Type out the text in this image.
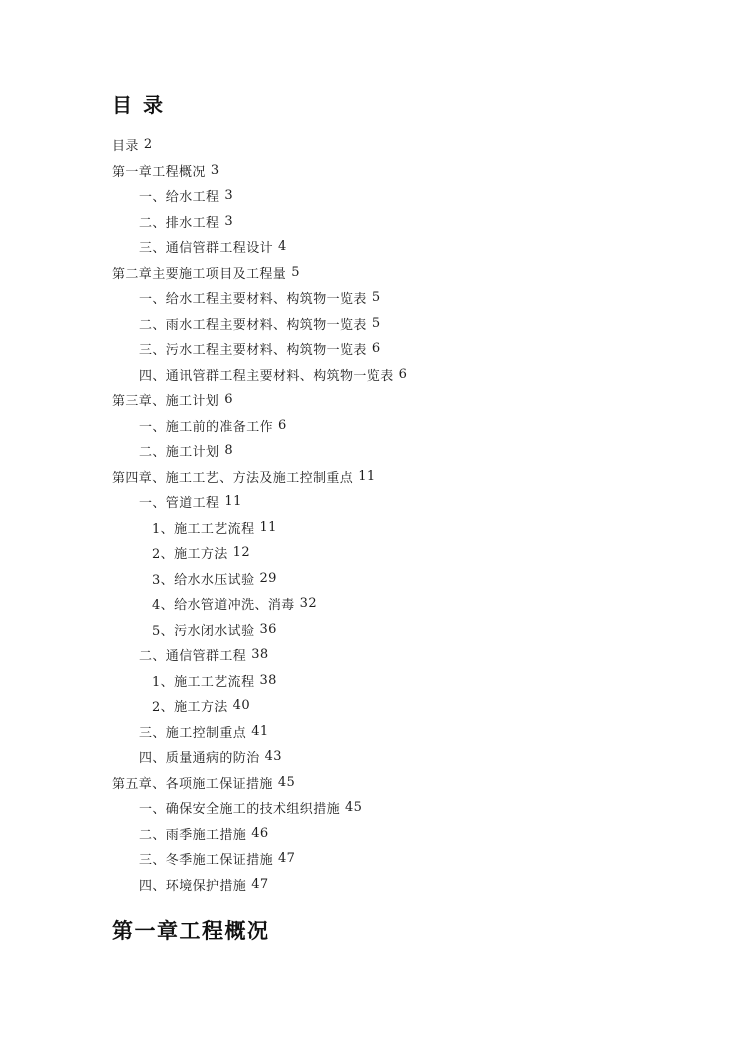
目 录
目录 2
第一章工程概况 3
一、给水工程 3
二、排水工程 3
三、通信管群工程设计 4
第二章主要施工项目及工程量 5
一、给水工程主要材料、构筑物一览表 5
二、雨水工程主要材料、构筑物一览表 5
三、污水工程主要材料、构筑物一览表 6
四、通讯管群工程主要材料、构筑物一览表 6
第三章、施工计划 6
一、施工前的准备工作 6
二、施工计划 8
第四章、施工工艺、方法及施工控制重点 11
一、管道工程 11
1、施工工艺流程 11
2、施工方法 12
3、给水水压试验 29
4、给水管道冲洗、消毒 32
5、污水闭水试验 36
二、通信管群工程 38
1、施工工艺流程 38
2、施工方法 40
三、施工控制重点 41
四、质量通病的防治 43
第五章、各项施工保证措施 45
一、确保安全施工的技术组织措施 45
二、雨季施工措施 46
三、冬季施工保证措施 47
四、环境保护措施 47
第一章工程概况
